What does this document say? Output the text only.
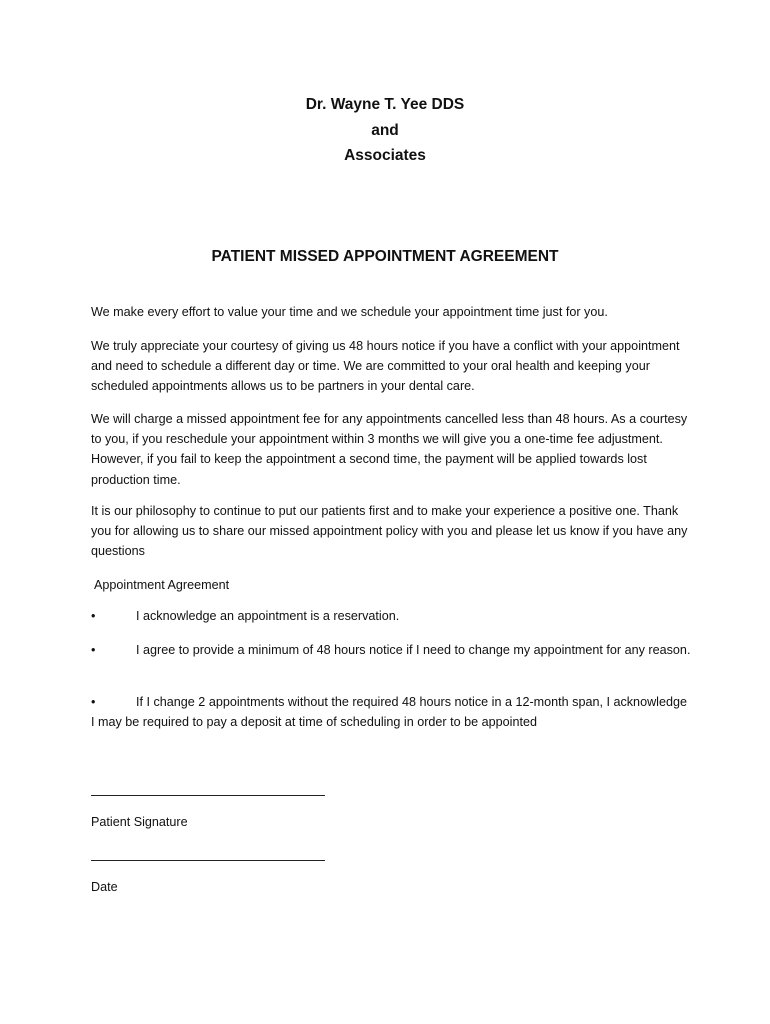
Dr. Wayne T. Yee DDS
and
Associates
PATIENT MISSED APPOINTMENT AGREEMENT
We make every effort to value your time and we schedule your appointment time just for you.
We truly appreciate your courtesy of giving us 48 hours notice if you have a conflict with your appointment and need to schedule a different day or time. We are committed to your oral health and keeping your scheduled appointments allows us to be partners in your dental care.
We will charge a missed appointment fee for any appointments cancelled less than 48 hours. As a courtesy to you, if you reschedule your appointment within 3 months we will give you a one-time fee adjustment. However, if you fail to keep the appointment a second time, the payment will be applied towards lost production time.
It is our philosophy to continue to put our patients first and to make your experience a positive one. Thank you for allowing us to share our missed appointment policy with you and please let us know if you have any questions
Appointment Agreement
•	I acknowledge an appointment is a reservation.
•	I agree to provide a minimum of 48 hours notice if I need to change my appointment for any reason.
•	If I change 2 appointments without the required 48 hours notice in a 12-month span, I acknowledge I may be required to pay a deposit at time of scheduling in order to be appointed
Patient Signature
Date
